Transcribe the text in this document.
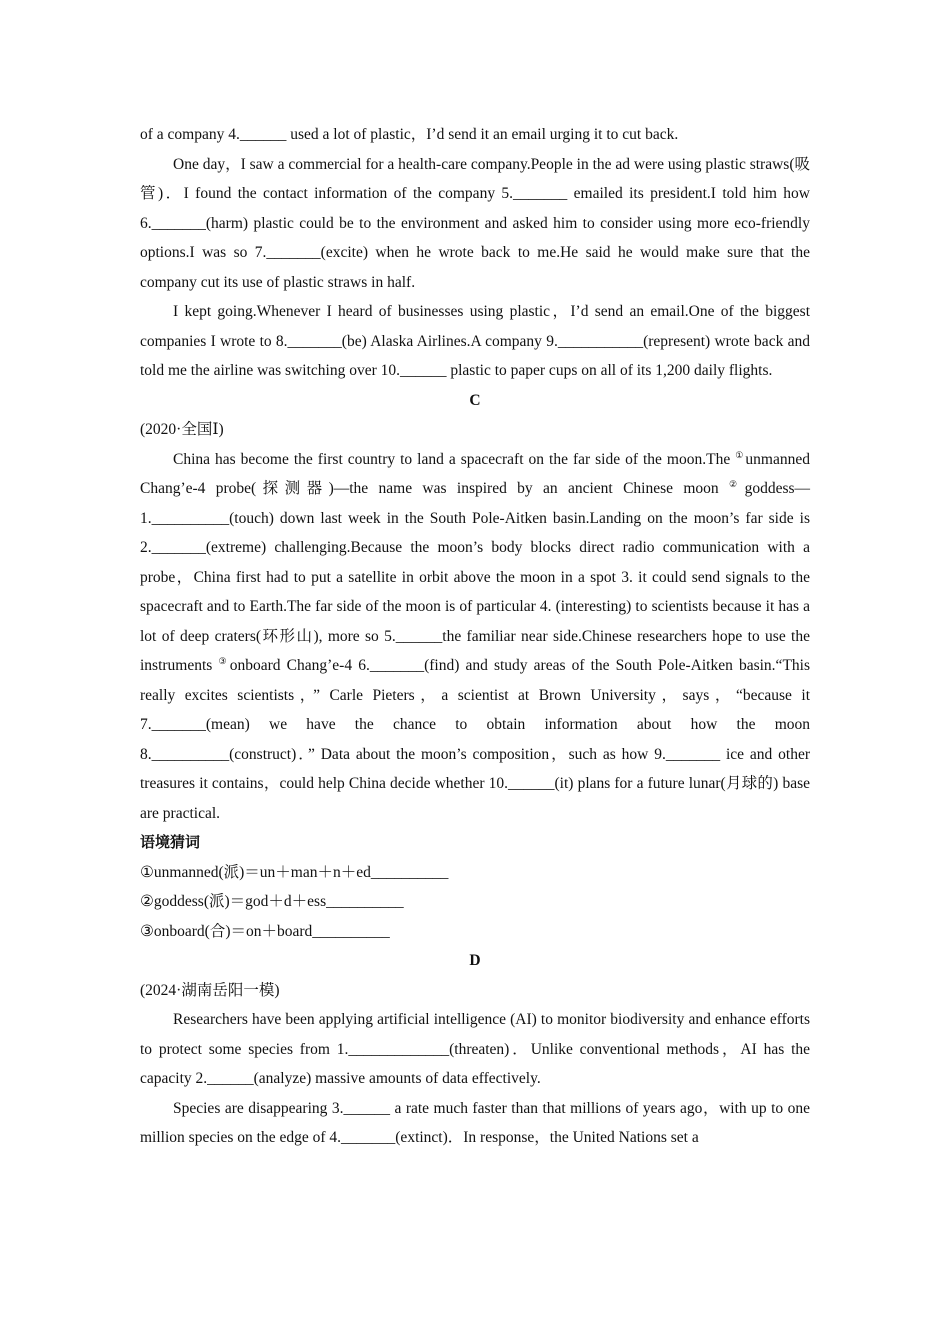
of a company 4.______ used a lot of plastic，I’d send it an email urging it to cut back.

One day，I saw a commercial for a health-care company.People in the ad were using plastic straws(吸管)．I found the contact information of the company 5._______ emailed its president.I told him how 6._______(harm) plastic could be to the environment and asked him to consider using more eco-friendly options.I was so 7._______(excite) when he wrote back to me.He said he would make sure that the company cut its use of plastic straws in half.

I kept going.Whenever I heard of businesses using plastic，I’d send an email.One of the biggest companies I wrote to 8._______(be) Alaska Airlines.A company 9.___________(represent) wrote back and told me the airline was switching over 10.______ plastic to paper cups on all of its 1,200 daily flights.

C

(2020·全国Ⅰ)

China has become the first country to land a spacecraft on the far side of the moon.The ①unmanned Chang’e-4 probe(探测器)—the name was inspired by an ancient Chinese moon ②goddess—1.__________(touch) down last week in the South Pole-Aitken basin.Landing on the moon’s far side is 2._______(extreme) challenging.Because the moon’s body blocks direct radio communication with a probe，China first had to put a satellite in orbit above the moon in a spot 3. it could send signals to the spacecraft and to Earth.The far side of the moon is of particular 4. (interesting) to scientists because it has a lot of deep craters(环形山), more so 5.______the familiar near side.Chinese researchers hope to use the instruments ③onboard Chang’e-4 6._______(find) and study areas of the South Pole-Aitken basin.“This really excites scientists，” Carle Pieters，a scientist at Brown University，says，“because it 7._______(mean) we have the chance to obtain information about how the moon 8.__________(construct)．” Data about the moon’s composition，such as how 9._______ ice and other treasures it contains，could help China decide whether 10.______(it) plans for a future lunar(月球的) base are practical.

语境猜词

①unmanned(派)＝un＋man＋n＋ed__________

②goddess(派)＝god＋d＋ess__________

③onboard(合)＝on＋board__________

D

(2024·湖南岳阳一模)

Researchers have been applying artificial intelligence (AI) to monitor biodiversity and enhance efforts to protect some species from 1._____________(threaten)．Unlike conventional methods，AI has the capacity 2.______(analyze) massive amounts of data effectively.

Species are disappearing 3.______ a rate much faster than that millions of years ago，with up to one million species on the edge of 4._______(extinct)．In response，the United Nations set a
